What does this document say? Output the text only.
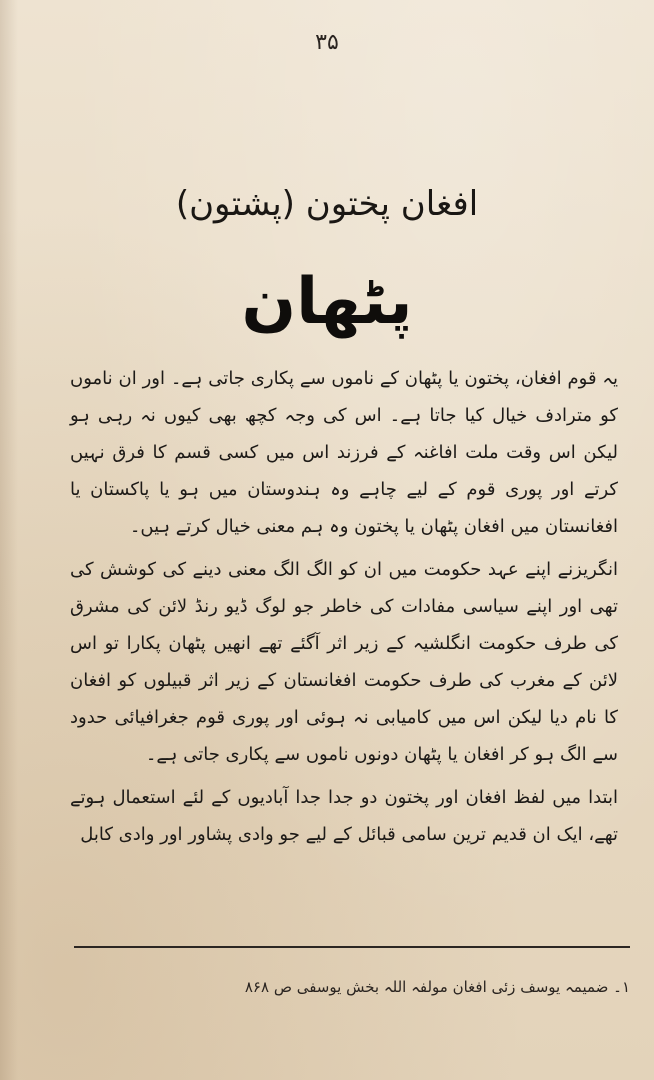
۳۵
افغان پختون (پشتون)
پٹھان

یہ قوم افغان، پختون یا پٹھان کے ناموں سے پکاری جاتی ہے۔ اور ان ناموں کو مترادف خیال کیا جاتا ہے۔ اس کی وجہ کچھ بھی کیوں نہ رہی ہو لیکن اس وقت ملت افاغنہ کے فرزند اس میں کسی قسم کا فرق نہیں کرتے اور پوری قوم کے لیے چاہے وہ ہندوستان میں ہو یا پاکستان یا افغانستان میں افغان پٹھان یا پختون وہ ہم معنی خیال کرتے ہیں۔

انگریزنے اپنے عہد حکومت میں ان کو الگ الگ معنی دینے کی کوشش کی تھی اور اپنے سیاسی مفادات کی خاطر جو لوگ ڈیو رنڈ لائن کی مشرق کی طرف حکومت انگلشیہ کے زیر اثر آگئے تھے انھیں پٹھان پکارا تو اس لائن کے مغرب کی طرف حکومت افغانستان کے زیر اثر قبیلوں کو افغان کا نام دیا لیکن اس میں کامیابی نہ ہوئی اور پوری قوم جغرافیائی حدود سے الگ ہو کر افغان یا پٹھان دونوں ناموں سے پکاری جاتی ہے۔

ابتدا میں لفظ افغان اور پختون دو جدا جدا آبادیوں کے لئے استعمال ہوتے تھے، ایک ان قدیم ترین سامی قبائل کے لیے جو وادی پشاور اور وادی کابل

۱۔ ضمیمہ یوسف زئی افغان مولفہ اللہ بخش یوسفی ص ۸۶۸
